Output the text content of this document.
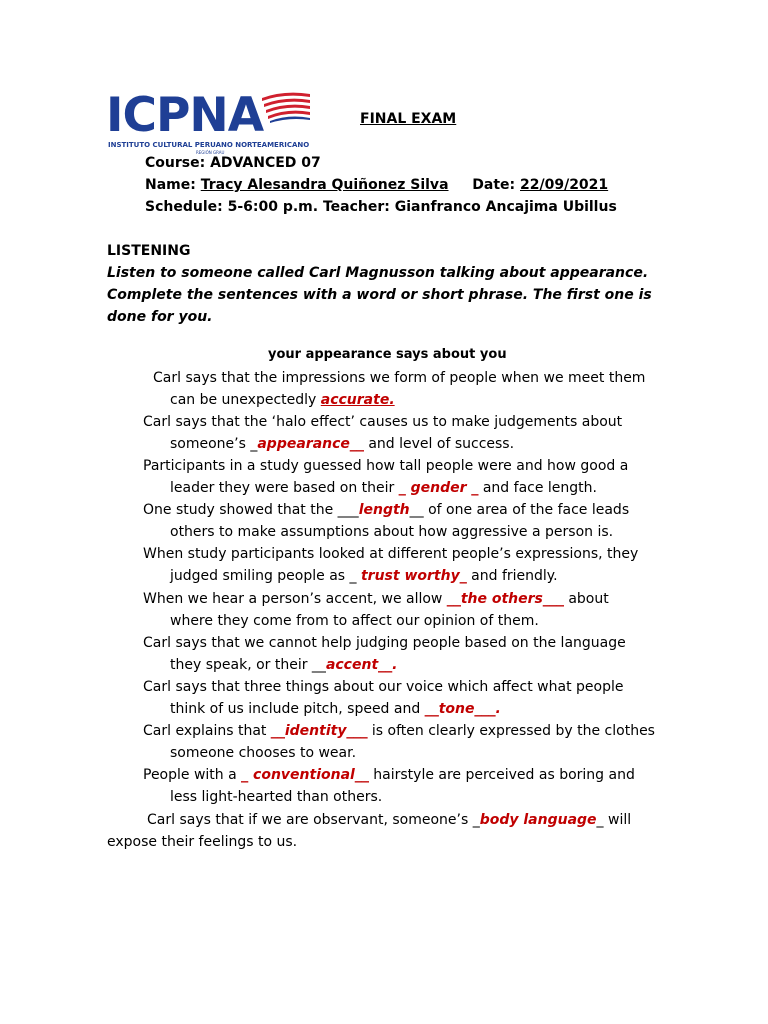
ICPNA
INSTITUTO CULTURAL PERUANO NORTEAMERICANO
REGIÓN GRAU
FINAL EXAM
Course: ADVANCED 07
Name: Tracy Alesandra Quiñonez Silva Date: 22/09/2021
Schedule: 5-6:00 p.m. Teacher: Gianfranco Ancajima Ubillus
LISTENING
Listen to someone called Carl Magnusson talking about appearance. Complete the sentences with a word or short phrase. The first one is done for you.
your appearance says about you
Carl says that the impressions we form of people when we meet them
can be unexpectedly accurate.
Carl says that the ‘halo effect’ causes us to make judgements about
someone’s _appearance__ and level of success.
Participants in a study guessed how tall people were and how good a
leader they were based on their _ gender _ and face length.
One study showed that the ___length__ of one area of the face leads
others to make assumptions about how aggressive a person is.
When study participants looked at different people’s expressions, they
judged smiling people as _ trust worthy_ and friendly.
When we hear a person’s accent, we allow __the others___ about
where they come from to affect our opinion of them.
Carl says that we cannot help judging people based on the language
they speak, or their __accent__.
Carl says that three things about our voice which affect what people
think of us include pitch, speed and __tone___.
Carl explains that __identity___ is often clearly expressed by the clothes
someone chooses to wear.
People with a _ conventional__ hairstyle are perceived as boring and
less light-hearted than others.
Carl says that if we are observant, someone’s _body language_ will
expose their feelings to us.
